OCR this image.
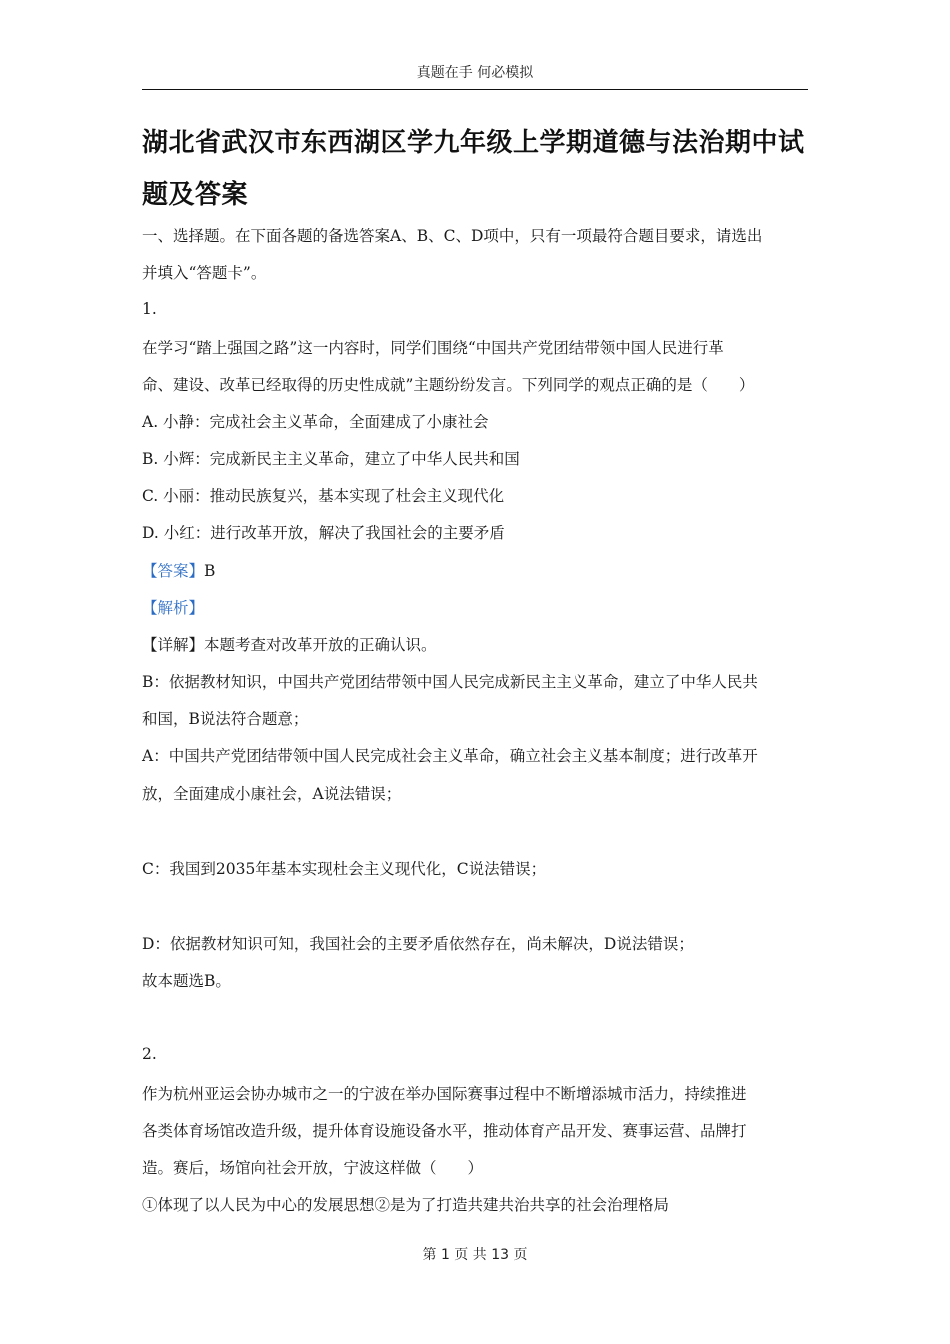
真题在手 何必模拟
湖北省武汉市东西湖区学九年级上学期道德与法治期中试
题及答案
一、选择题。在下面各题的备选答案A、B、C、D项中，只有一项最符合题目要求，请选出
并填入“答题卡”。
1.
在学习“踏上强国之路”这一内容时，同学们围绕“中国共产党团结带领中国人民进行革
命、建设、改革已经取得的历史性成就”主题纷纷发言。下列同学的观点正确的是（　　）
A. 小静：完成社会主义革命，全面建成了小康社会
B. 小辉：完成新民主主义革命，建立了中华人民共和国
C. 小丽：推动民族复兴，基本实现了杜会主义现代化
D. 小红：进行改革开放，解决了我国社会的主要矛盾
【答案】B
【解析】
【详解】本题考查对改革开放的正确认识。
B：依据教材知识，中国共产党团结带领中国人民完成新民主主义革命，建立了中华人民共
和国，B说法符合题意；
A：中国共产党团结带领中国人民完成社会主义革命，确立社会主义基本制度；进行改革开
放，全面建成小康社会，A说法错误；
C：我国到2035年基本实现杜会主义现代化，C说法错误；
D：依据教材知识可知，我国社会的主要矛盾依然存在，尚未解决，D说法错误；
故本题选B。
2.
作为杭州亚运会协办城市之一的宁波在举办国际赛事过程中不断增添城市活力，持续推进
各类体育场馆改造升级，提升体育设施设备水平，推动体育产品开发、赛事运营、品牌打
造。赛后，场馆向社会开放，宁波这样做（　　）
①体现了以人民为中心的发展思想②是为了打造共建共治共享的社会治理格局
第 1 页 共 13 页
